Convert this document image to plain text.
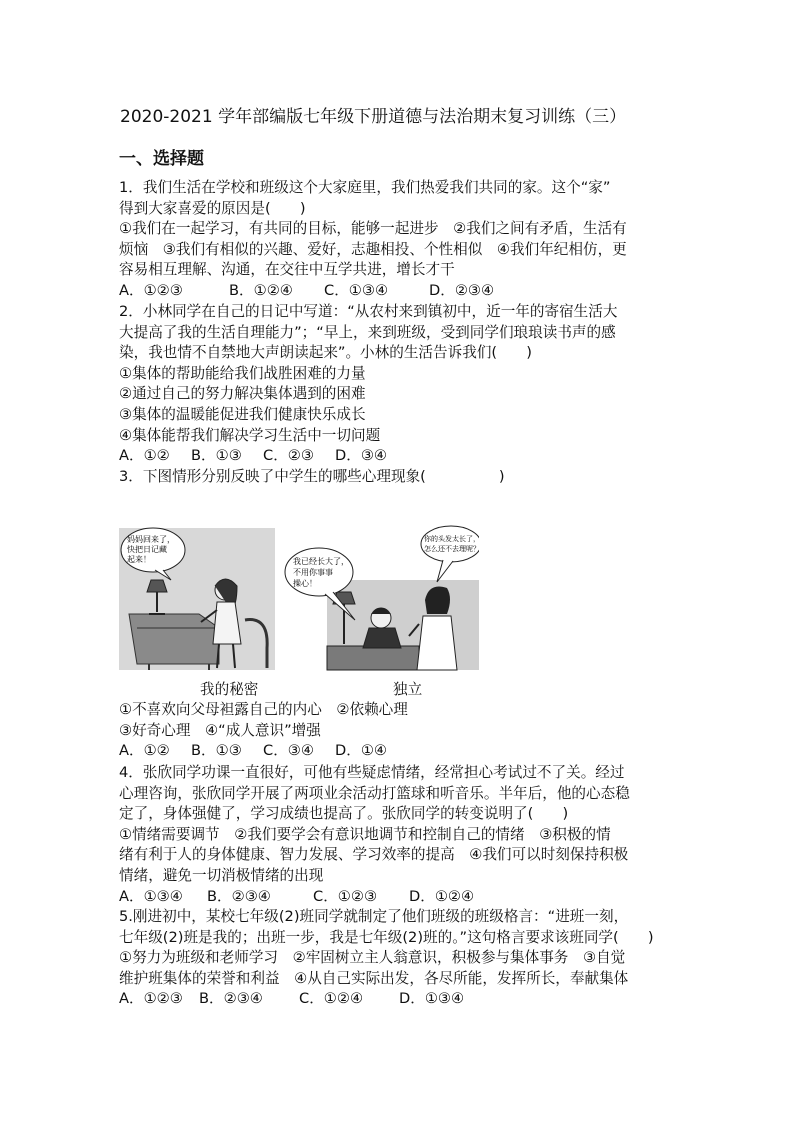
2020-2021 学年部编版七年级下册道德与法治期末复习训练（三）
一、选择题
1．我们生活在学校和班级这个大家庭里，我们热爱我们共同的家。这个“家”
得到大家喜爱的原因是(　　)
①我们在一起学习，有共同的目标，能够一起进步　②我们之间有矛盾，生活有
烦恼　③我们有相似的兴趣、爱好，志趣相投、个性相似　④我们年纪相仿，更
容易相互理解、沟通，在交往中互学共进，增长才干
A．①②③	B．①②④ C．①③④	D．②③④
2．小林同学在自己的日记中写道：“从农村来到镇初中，近一年的寄宿生活大
大提高了我的生活自理能力”；“早上，来到班级，受到同学们琅琅读书声的感
染，我也情不自禁地大声朗读起来”。小林的生活告诉我们(　　)
①集体的帮助能给我们战胜困难的力量
②通过自己的努力解决集体遇到的困难
③集体的温暖能促进我们健康快乐成长
④集体能帮我们解决学习生活中一切问题
A．①② B．①③ C．②③ D．③④
3．下图情形分别反映了中学生的哪些心理现象(　　　　　)
妈妈回来了，
快把日记藏
起来！	我已经长大了，
不用你事事
操心！
你的头发太长了，
怎么还不去理呢？
我的秘密	独立
①不喜欢向父母袒露自己的内心　②依赖心理
③好奇心理　④“成人意识”增强
A．①② B．①③ C．③④ D．①④
4．张欣同学功课一直很好，可他有些疑虑情绪，经常担心考试过不了关。经过
心理咨询，张欣同学开展了两项业余活动打篮球和听音乐。半年后，他的心态稳
定了，身体强健了，学习成绩也提高了。张欣同学的转变说明了(　　)
①情绪需要调节　②我们要学会有意识地调节和控制自己的情绪　③积极的情
绪有利于人的身体健康、智力发展、学习效率的提高　④我们可以时刻保持积极
情绪，避免一切消极情绪的出现
A．①③④ B．②③④	C．①②③ D．①②④
5.刚进初中，某校七年级(2)班同学就制定了他们班级的班级格言：“进班一刻，
七年级(2)班是我的；出班一步，我是七年级(2)班的。”这句格言要求该班同学(　　)
①努力为班级和老师学习　②牢固树立主人翁意识，积极参与集体事务　③自觉
维护班集体的荣誉和利益　④从自己实际出发，各尽所能，发挥所长，奉献集体
A．①②③ B．②③④ C．①②④ D．①③④
